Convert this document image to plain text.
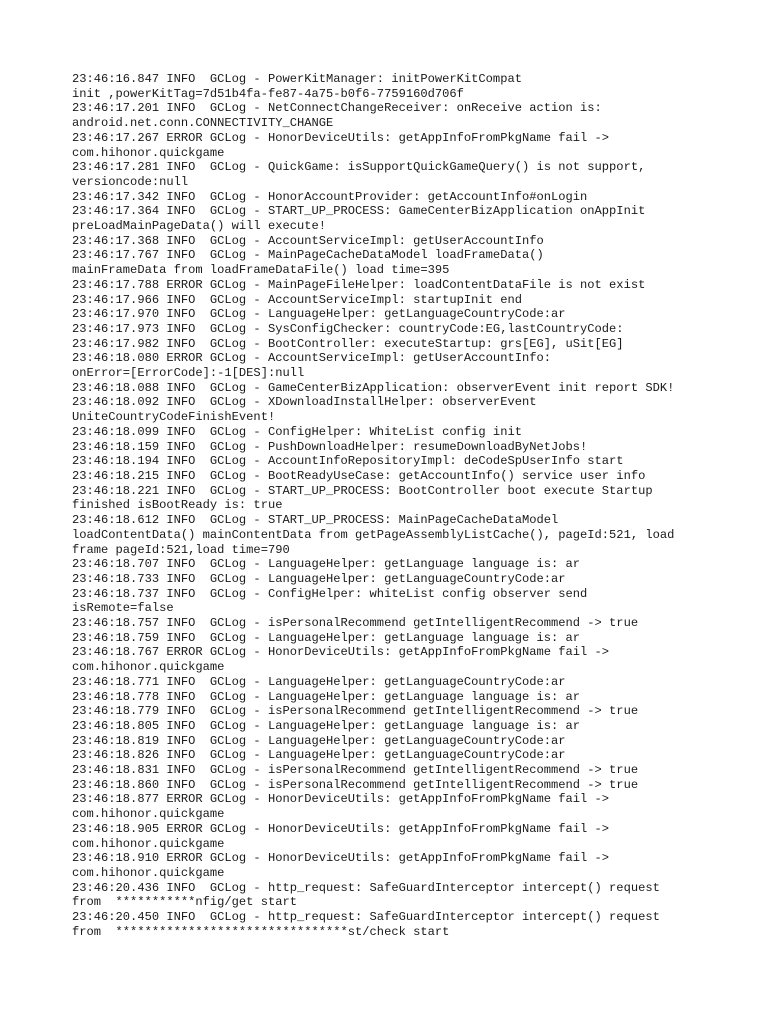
23:46:16.847 INFO  GCLog - PowerKitManager: initPowerKitCompat
init ,powerKitTag=7d51b4fa-fe87-4a75-b0f6-7759160d706f
23:46:17.201 INFO  GCLog - NetConnectChangeReceiver: onReceive action is:
android.net.conn.CONNECTIVITY_CHANGE
23:46:17.267 ERROR GCLog - HonorDeviceUtils: getAppInfoFromPkgName fail ->
com.hihonor.quickgame
23:46:17.281 INFO  GCLog - QuickGame: isSupportQuickGameQuery() is not support,
versioncode:null
23:46:17.342 INFO  GCLog - HonorAccountProvider: getAccountInfo#onLogin
23:46:17.364 INFO  GCLog - START_UP_PROCESS: GameCenterBizApplication onAppInit
preLoadMainPageData() will execute!
23:46:17.368 INFO  GCLog - AccountServiceImpl: getUserAccountInfo
23:46:17.767 INFO  GCLog - MainPageCacheDataModel loadFrameData()
mainFrameData from loadFrameDataFile() load time=395
23:46:17.788 ERROR GCLog - MainPageFileHelper: loadContentDataFile is not exist
23:46:17.966 INFO  GCLog - AccountServiceImpl: startupInit end
23:46:17.970 INFO  GCLog - LanguageHelper: getLanguageCountryCode:ar
23:46:17.973 INFO  GCLog - SysConfigChecker: countryCode:EG,lastCountryCode:
23:46:17.982 INFO  GCLog - BootController: executeStartup: grs[EG], uSit[EG]
23:46:18.080 ERROR GCLog - AccountServiceImpl: getUserAccountInfo:
onError=[ErrorCode]:-1[DES]:null
23:46:18.088 INFO  GCLog - GameCenterBizApplication: observerEvent init report SDK!
23:46:18.092 INFO  GCLog - XDownloadInstallHelper: observerEvent
UniteCountryCodeFinishEvent!
23:46:18.099 INFO  GCLog - ConfigHelper: WhiteList config init
23:46:18.159 INFO  GCLog - PushDownloadHelper: resumeDownloadByNetJobs!
23:46:18.194 INFO  GCLog - AccountInfoRepositoryImpl: deCodeSpUserInfo start
23:46:18.215 INFO  GCLog - BootReadyUseCase: getAccountInfo() service user info
23:46:18.221 INFO  GCLog - START_UP_PROCESS: BootController boot execute Startup
finished isBootReady is: true
23:46:18.612 INFO  GCLog - START_UP_PROCESS: MainPageCacheDataModel
loadContentData() mainContentData from getPageAssemblyListCache(), pageId:521, load
frame pageId:521,load time=790
23:46:18.707 INFO  GCLog - LanguageHelper: getLanguage language is: ar
23:46:18.733 INFO  GCLog - LanguageHelper: getLanguageCountryCode:ar
23:46:18.737 INFO  GCLog - ConfigHelper: whiteList config observer send
isRemote=false
23:46:18.757 INFO  GCLog - isPersonalRecommend getIntelligentRecommend -> true
23:46:18.759 INFO  GCLog - LanguageHelper: getLanguage language is: ar
23:46:18.767 ERROR GCLog - HonorDeviceUtils: getAppInfoFromPkgName fail ->
com.hihonor.quickgame
23:46:18.771 INFO  GCLog - LanguageHelper: getLanguageCountryCode:ar
23:46:18.778 INFO  GCLog - LanguageHelper: getLanguage language is: ar
23:46:18.779 INFO  GCLog - isPersonalRecommend getIntelligentRecommend -> true
23:46:18.805 INFO  GCLog - LanguageHelper: getLanguage language is: ar
23:46:18.819 INFO  GCLog - LanguageHelper: getLanguageCountryCode:ar
23:46:18.826 INFO  GCLog - LanguageHelper: getLanguageCountryCode:ar
23:46:18.831 INFO  GCLog - isPersonalRecommend getIntelligentRecommend -> true
23:46:18.860 INFO  GCLog - isPersonalRecommend getIntelligentRecommend -> true
23:46:18.877 ERROR GCLog - HonorDeviceUtils: getAppInfoFromPkgName fail ->
com.hihonor.quickgame
23:46:18.905 ERROR GCLog - HonorDeviceUtils: getAppInfoFromPkgName fail ->
com.hihonor.quickgame
23:46:18.910 ERROR GCLog - HonorDeviceUtils: getAppInfoFromPkgName fail ->
com.hihonor.quickgame
23:46:20.436 INFO  GCLog - http_request: SafeGuardInterceptor intercept() request
from  ***********nfig/get start
23:46:20.450 INFO  GCLog - http_request: SafeGuardInterceptor intercept() request
from  ********************************st/check start
